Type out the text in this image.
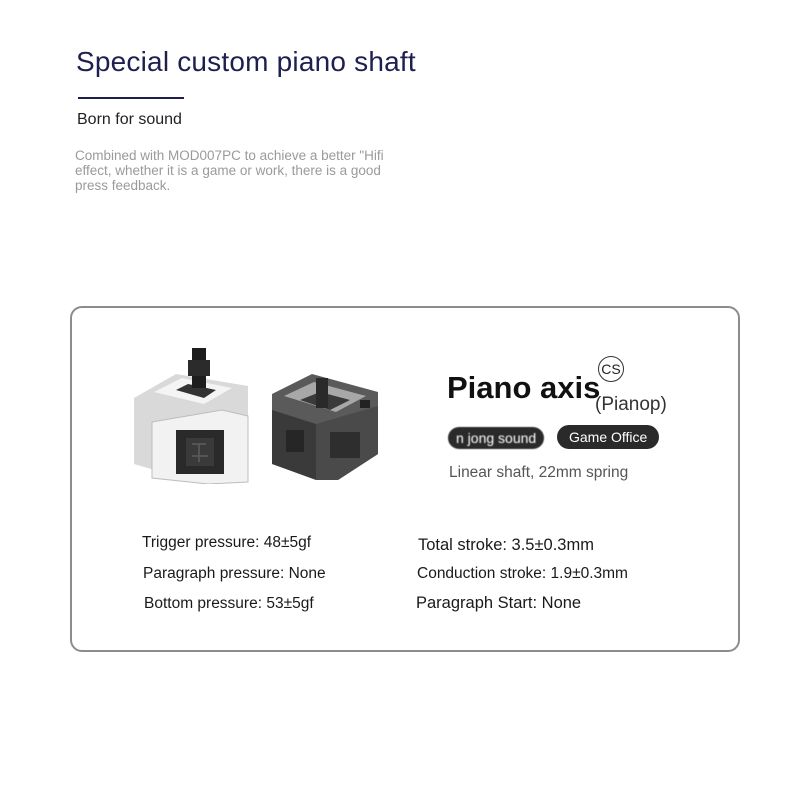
Special custom piano shaft

Born for sound

Combined with MOD007PC to achieve a better "Hifi effect, whether it is a game or work, there is a good press feedback.

Piano axis
CS
(Pianop)
n jong sound	Game Office

Linear shaft, 22mm spring

Trigger pressure: 48±5gf
Paragraph pressure: None
Bottom pressure: 53±5gf
Total stroke: 3.5±0.3mm
Conduction stroke: 1.9±0.3mm
Paragraph Start: None
